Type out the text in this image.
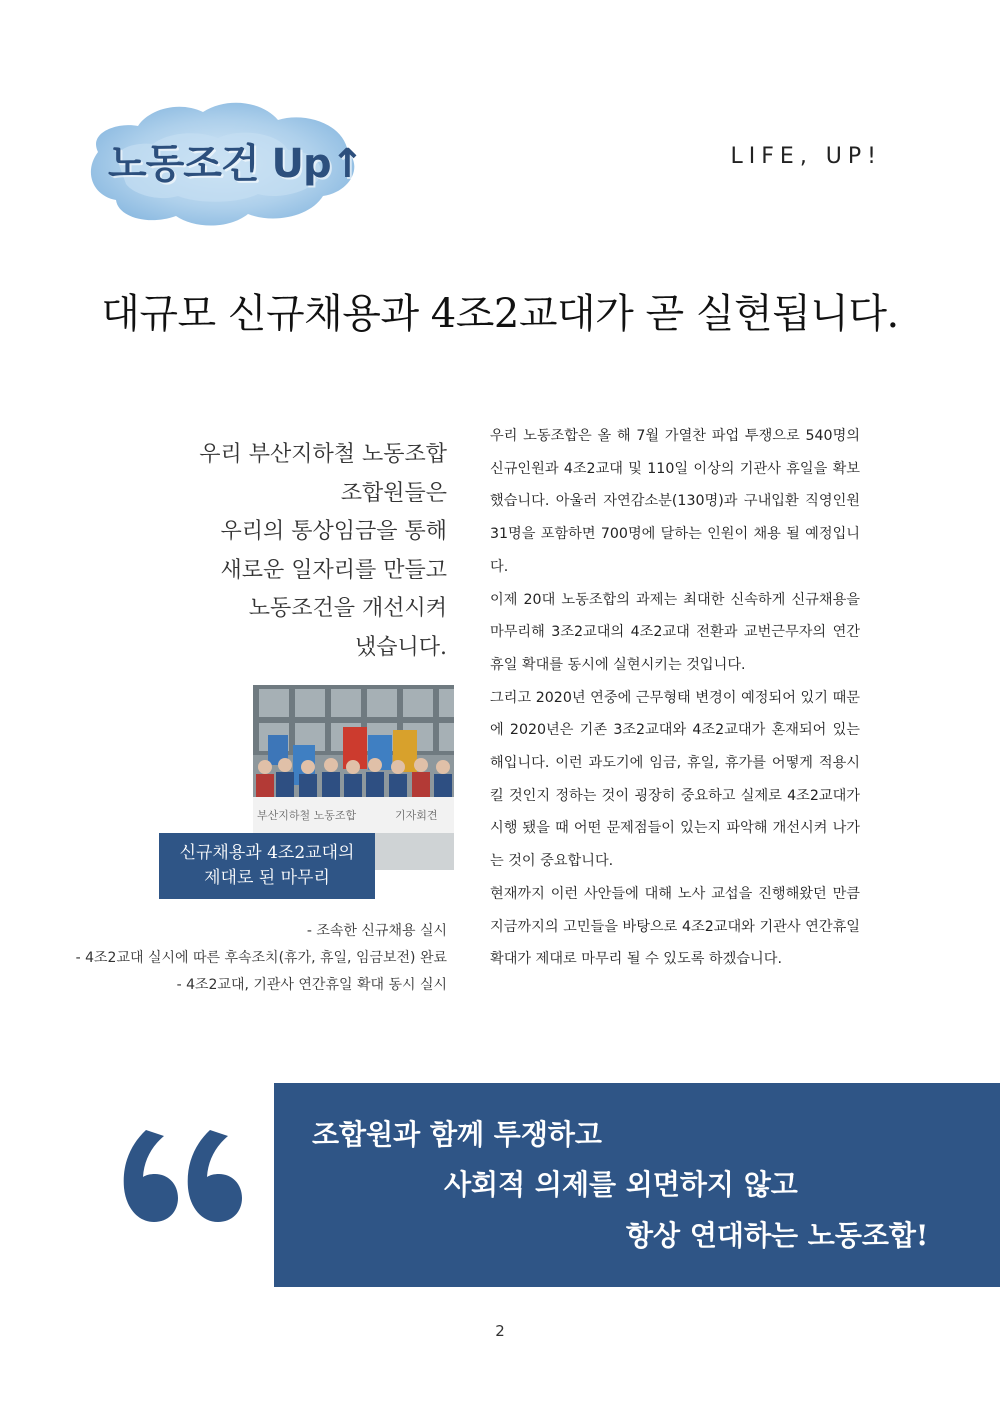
노동조건 Up↑	LIFE, UP!
대규모 신규채용과 4조2교대가 곧 실현됩니다.
우리 부산지하철 노동조합
조합원들은
우리의 통상임금을 통해
새로운 일자리를 만들고
노동조건을 개선시켜
냈습니다.
부산지하철 노동조합	기자회견
신규채용과 4조2교대의
제대로 된 마무리
- 조속한 신규채용 실시
- 4조2교대 실시에 따른 후속조치(휴가, 휴일, 임금보전) 완료
- 4조2교대, 기관사 연간휴일 확대 동시 실시

우리 노동조합은 올 해 7월 가열찬 파업 투쟁으로 540명의 신규인원과 4조2교대 및 110일 이상의 기관사 휴일을 확보했습니다. 아울러 자연감소분(130명)과 구내입환 직영인원 31명을 포함하면 700명에 달하는 인원이 채용 될 예정입니다.

이제 20대 노동조합의 과제는 최대한 신속하게 신규채용을 마무리해 3조2교대의 4조2교대 전환과 교번근무자의 연간휴일 확대를 동시에 실현시키는 것입니다.

그리고 2020년 연중에 근무형태 변경이 예정되어 있기 때문에 2020년은 기존 3조2교대와 4조2교대가 혼재되어 있는 해입니다. 이런 과도기에 임금, 휴일, 휴가를 어떻게 적용시킬 것인지 정하는 것이 굉장히 중요하고 실제로 4조2교대가 시행 됐을 때 어떤 문제점들이 있는지 파악해 개선시켜 나가는 것이 중요합니다.

현재까지 이런 사안들에 대해 노사 교섭을 진행해왔던 만큼 지금까지의 고민들을 바탕으로 4조2교대와 기관사 연간휴일 확대가 제대로 마무리 될 수 있도록 하겠습니다.

조합원과 함께 투쟁하고
사회적 의제를 외면하지 않고
항상 연대하는 노동조합!
2
